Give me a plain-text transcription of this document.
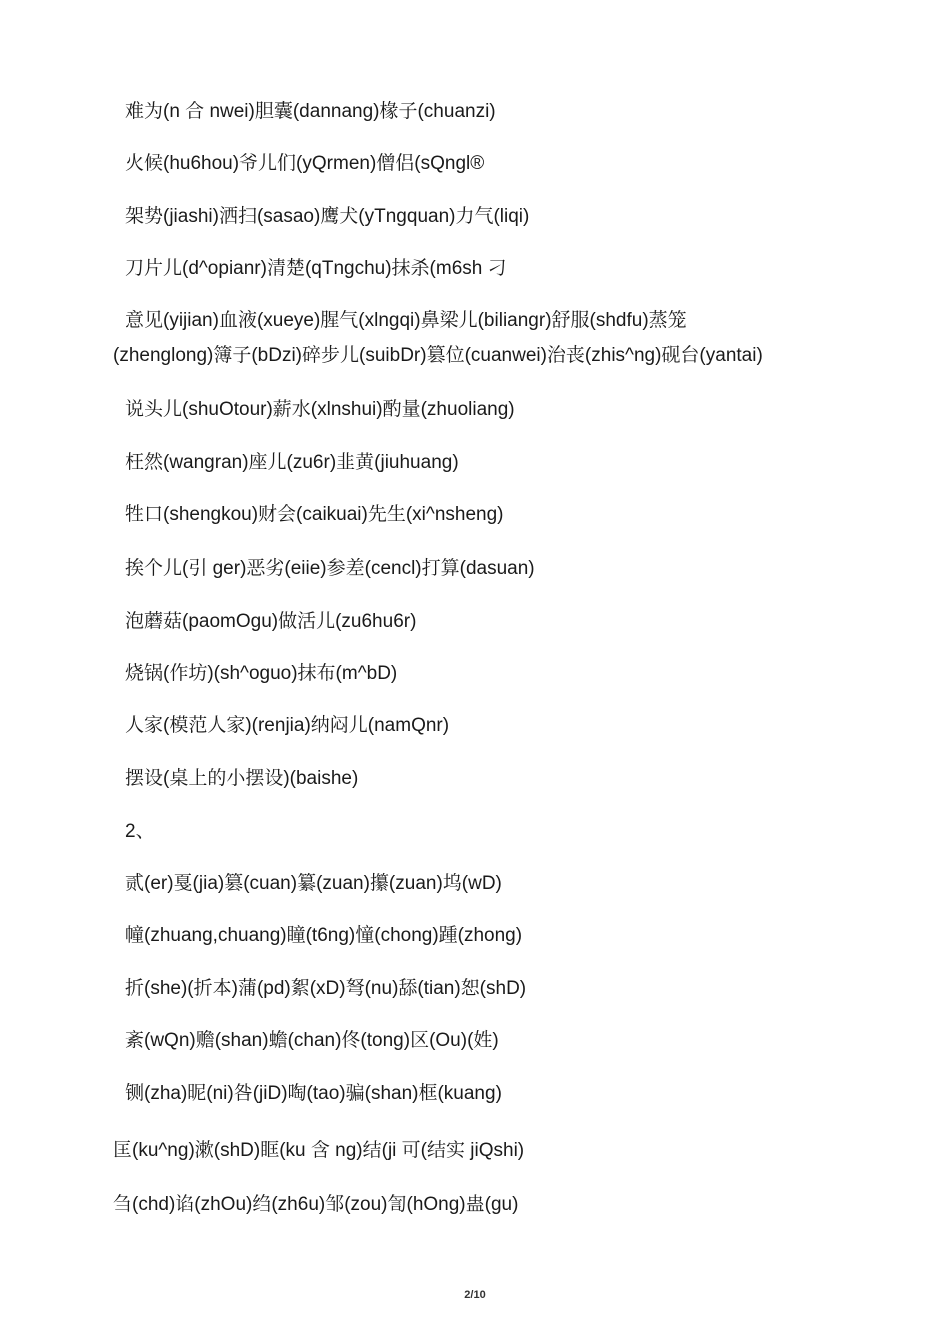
难为(n 合 nwei)胆囊(dannang)椽子(chuanzi)
火候(hu6hou)爷儿们(yQrmen)僧侣(sQngl®
架势(jiashi)洒扫(sasao)鹰犬(yTngquan)力气(liqi)
刀片儿(d^opianr)清楚(qTngchu)抹杀(m6sh 刁
意见(yijian)血液(xueye)腥气(xlngqi)鼻梁儿(biliangr)舒服(shdfu)蒸笼
(zhenglong)簿子(bDzi)碎步儿(suibDr)篡位(cuanwei)治丧(zhis^ng)砚台(yantai)
说头儿(shuOtour)薪水(xlnshui)酌量(zhuoliang)
枉然(wangran)座儿(zu6r)韭黄(jiuhuang)
牲口(shengkou)财会(caikuai)先生(xi^nsheng)
挨个儿(引 ger)恶劣(eiie)参差(cencl)打算(dasuan)
泡蘑菇(paomOgu)做活儿(zu6hu6r)
烧锅(作坊)(sh^oguo)抹布(m^bD)
人家(模范人家)(renjia)纳闷儿(namQnr)
摆设(桌上的小摆设)(baishe)
2、
贰(er)戛(jia)篡(cuan)纂(zuan)攥(zuan)坞(wD)
幢(zhuang,chuang)瞳(t6ng)憧(chong)踵(zhong)
折(she)(折本)蒲(pd)絮(xD)弩(nu)舔(tian)恕(shD)
紊(wQn)赡(shan)蟾(chan)佟(tong)区(Ou)(姓)
铡(zha)昵(ni)咎(jiD)啕(tao)骗(shan)框(kuang)
匡(ku^ng)漱(shD)眶(ku 含 ng)结(ji 可(结实 jiQshi)
刍(chd)谄(zhOu)绉(zh6u)邹(zou)訇(hOng)蛊(gu)
2/10
